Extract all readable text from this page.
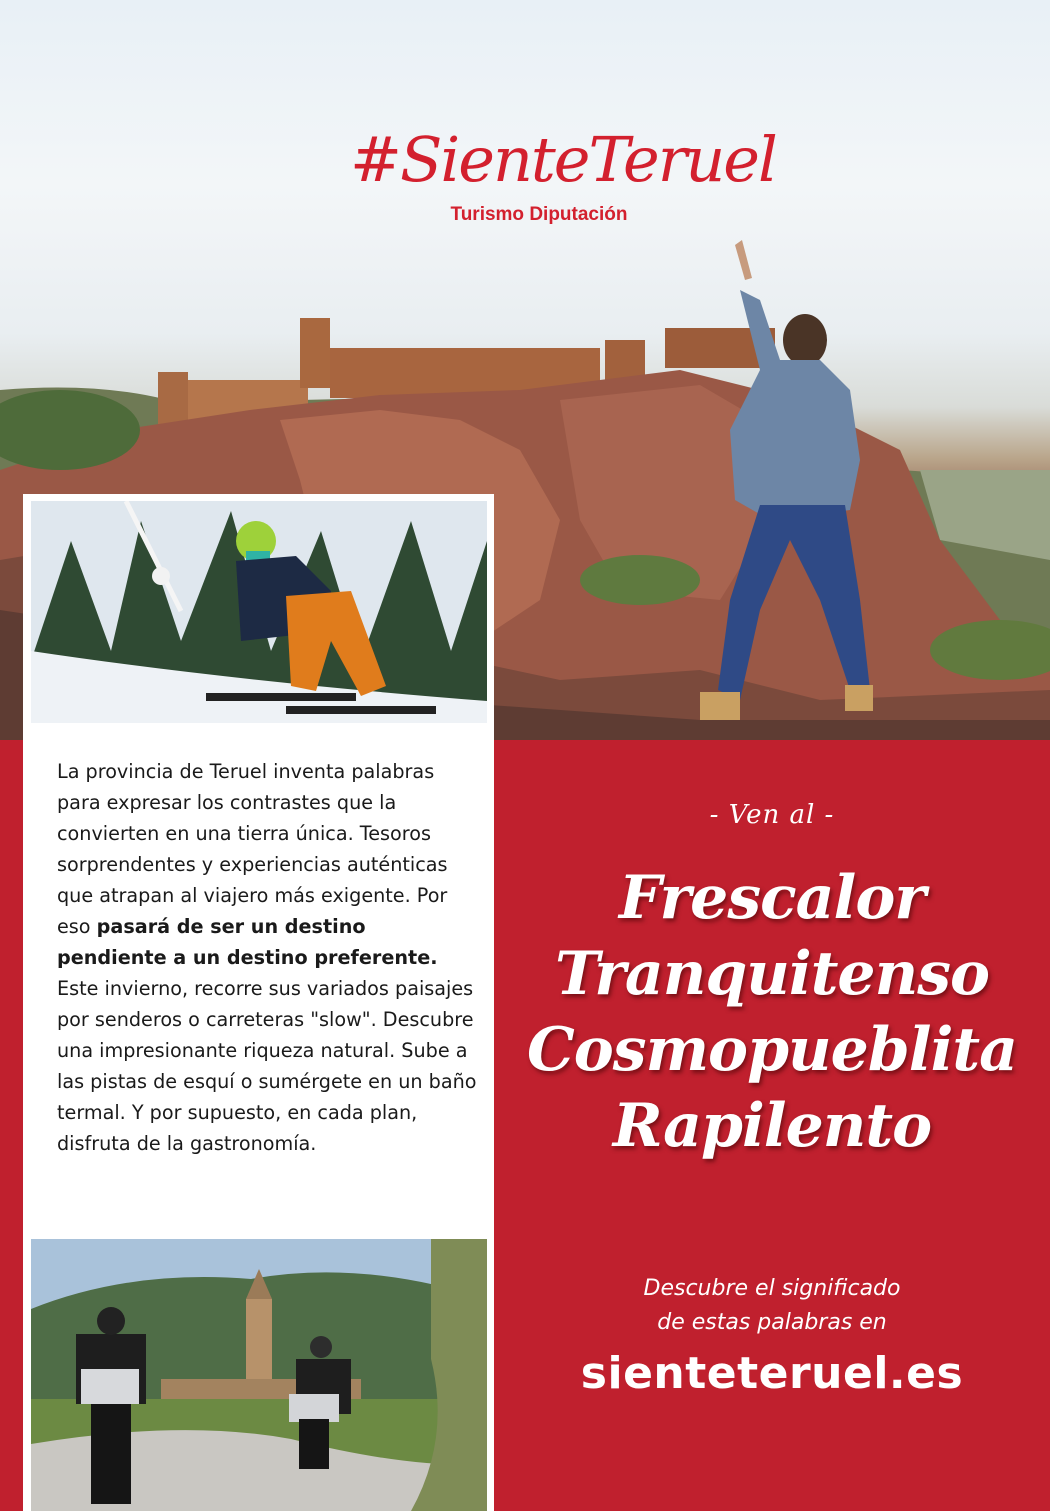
#SienteTeruel
Turismo Diputación
- Ven al -
Frescalor
Tranquitenso
Cosmopueblita
Rapilento
Descubre el significado
de estas palabras en
sienteteruel.es

La provincia de Teruel inventa palabras para expresar los contrastes que la convierten en una tierra única. Tesoros sorprendentes y experiencias auténticas que atrapan al viajero más exigente. Por eso pasará de ser un destino pendiente a un destino preferente.

Este invierno, recorre sus variados paisajes por senderos o carreteras "slow". Descubre una impresionante riqueza natural. Sube a las pistas de esquí o sumérgete en un baño termal. Y por supuesto, en cada plan, disfruta de la gastronomía.
